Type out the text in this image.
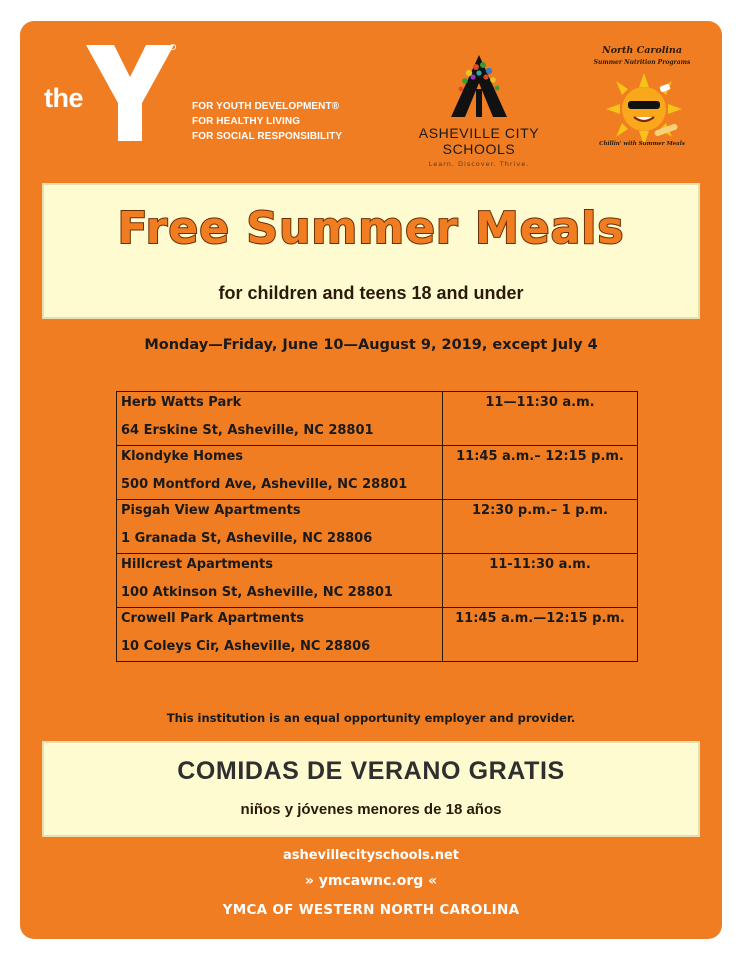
the
YMCA	FOR YOUTH DEVELOPMENT®
FOR HEALTHY LIVING
FOR SOCIAL RESPONSIBILITY	ASHEVILLE CITY SCHOOLS
Learn. Discover. Thrive.
North Carolina
Summer Nutrition Programs
Chillin' with Summer Meals
Free Summer Meals
for children and teens 18 and under
Monday—Friday, June 10—August 9, 2019, except July 4
Herb Watts Park
64 Erskine St, Asheville, NC 28801	11—11:30 a.m.

Klondyke Homes
500 Montford Ave, Asheville, NC 28801	11:45 a.m.– 12:15 p.m.

Pisgah View Apartments
1 Granada St, Asheville, NC 28806	12:30 p.m.– 1 p.m.

Hillcrest Apartments
100 Atkinson St, Asheville, NC 28801	11-11:30 a.m.

Crowell Park Apartments
10 Coleys Cir, Asheville, NC 28806	11:45 a.m.—12:15 p.m.
This institution is an equal opportunity employer and provider.
COMIDAS DE VERANO GRATIS
niños y jóvenes menores de 18 años
ashevillecityschools.net
» ymcawnc.org «
YMCA OF WESTERN NORTH CAROLINA
